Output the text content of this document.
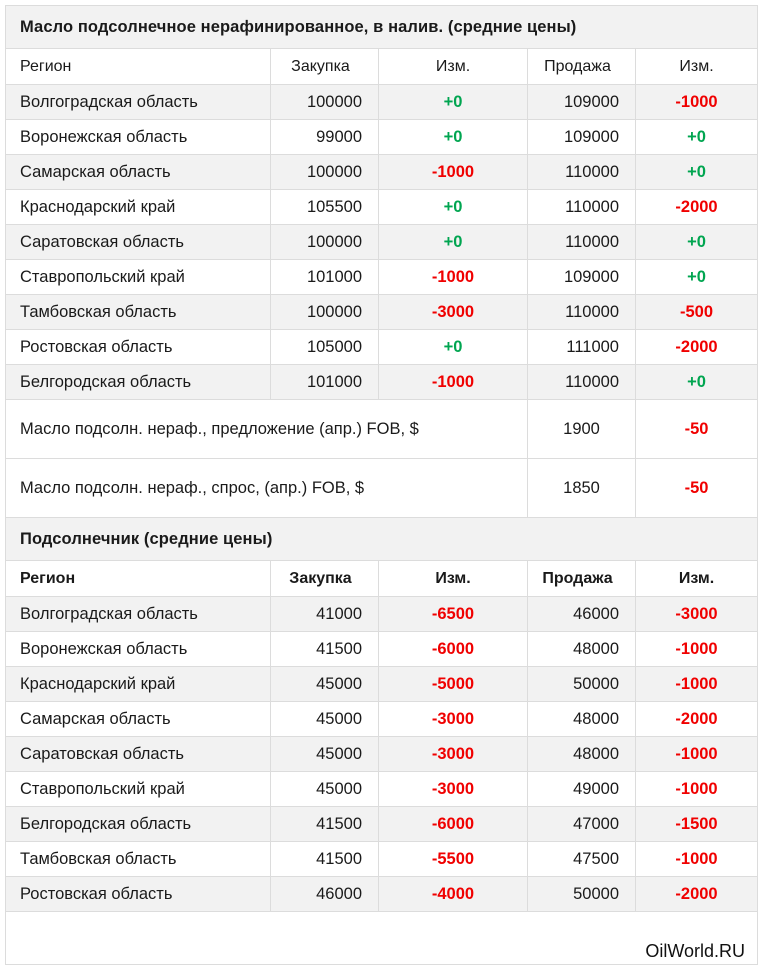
Масло подсолнечное нерафинированное, в налив. (средние цены)				
Регион	Закупка	Изм.	Продажа	Изм.
Волгоградская область	100000	+0	109000	-1000
Воронежская область	99000	+0	109000	+0
Самарская область	100000	-1000	110000	+0
Краснодарский край	105500	+0	110000	-2000
Саратовская область	100000	+0	110000	+0
Ставропольский край	101000	-1000	109000	+0
Тамбовская область	100000	-3000	110000	-500
Ростовская область	105000	+0	111000	-2000
Белгородская область	101000	-1000	110000	+0
Масло подсолн. нераф., предложение (апр.) FOB, $			1900	-50
Масло подсолн. нераф., спрос, (апр.) FOB, $			1850	-50
Подсолнечник (средние цены)				
Регион	Закупка	Изм.	Продажа	Изм.
Волгоградская область	41000	-6500	46000	-3000
Воронежская область	41500	-6000	48000	-1000
Краснодарский край	45000	-5000	50000	-1000
Самарская область	45000	-3000	48000	-2000
Саратовская область	45000	-3000	48000	-1000
Ставропольский край	45000	-3000	49000	-1000
Белгородская область	41500	-6000	47000	-1500
Тамбовская область	41500	-5500	47500	-1000
Ростовская область	46000	-4000	50000	-2000
OilWorld.RU				
